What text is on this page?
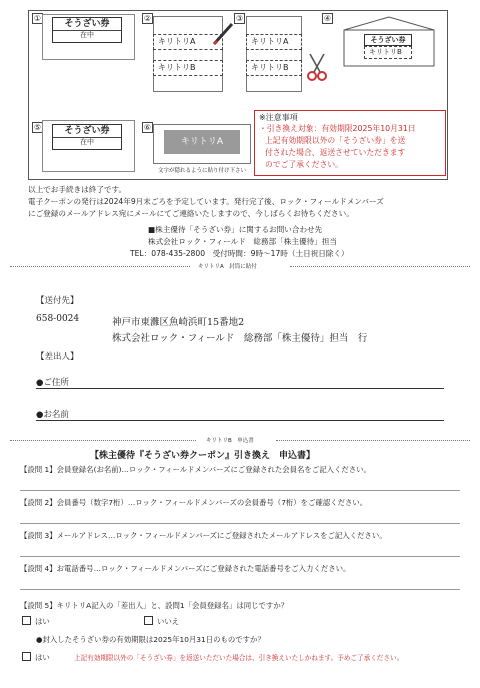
①
そうざい券
在中
②
キリトリA
キリトリB
③
キリトリA
キリトリB
④
そうざい券
キリトリB
⑤	そうざい券
在中
⑥
キリトリA
文字が隠れるように貼り付け下さい
※注意事項
・引き換え対象：有効期限2025年10月31日
上記有効期限以外の「そうざい券」を送
付された場合、返送させていただきます
のでご了承ください。
以上でお手続きは終了です。
電子クーポンの発行は2024年9月末ごろを予定しています。発行完了後、ロック・フィールドメンバーズ
にご登録のメールアドレス宛にメールにてご連絡いたしますので、今しばらくお待ちください。
■株主優待「そうざい券」に関するお問い合わせ先
株式会社ロック・フィールド　総務部「株主優待」担当
TEL：078-435-2800　受付時間：9時～17時（土日祝日除く）
キリトリA　封筒に貼付
【送付先】
658-0024	神戸市東灘区魚崎浜町15番地2
株式会社ロック・フィールド　総務部「株主優待」担当　行
【差出人】
●ご住所
●お名前
キリトリB　申込書
【株主優待『そうざい券クーポン』引き換え　申込書】
【設問 1】会員登録名(お名前)…ロック・フィールドメンバーズにご登録された会員名をご記入ください。
【設問 2】会員番号（数字7桁）…ロック・フィールドメンバーズの会員番号（7桁）をご確認ください。
【設問 3】メールアドレス…ロック・フィールドメンバーズにご登録されたメールアドレスをご記入ください。
【設問 4】お電話番号…ロック・フィールドメンバーズにご登録された電話番号をご入力ください。
【設問 5】キリトリA記入の「差出人」と、設問1「会員登録名」は同じですか？
はい	いいえ
●封入したそうざい券の有効期限は2025年10月31日のものですか？
はい	上記有効期限以外の「そうざい券」を返送いただいた場合は、引き換えいたしかねます。予めご了承ください。
